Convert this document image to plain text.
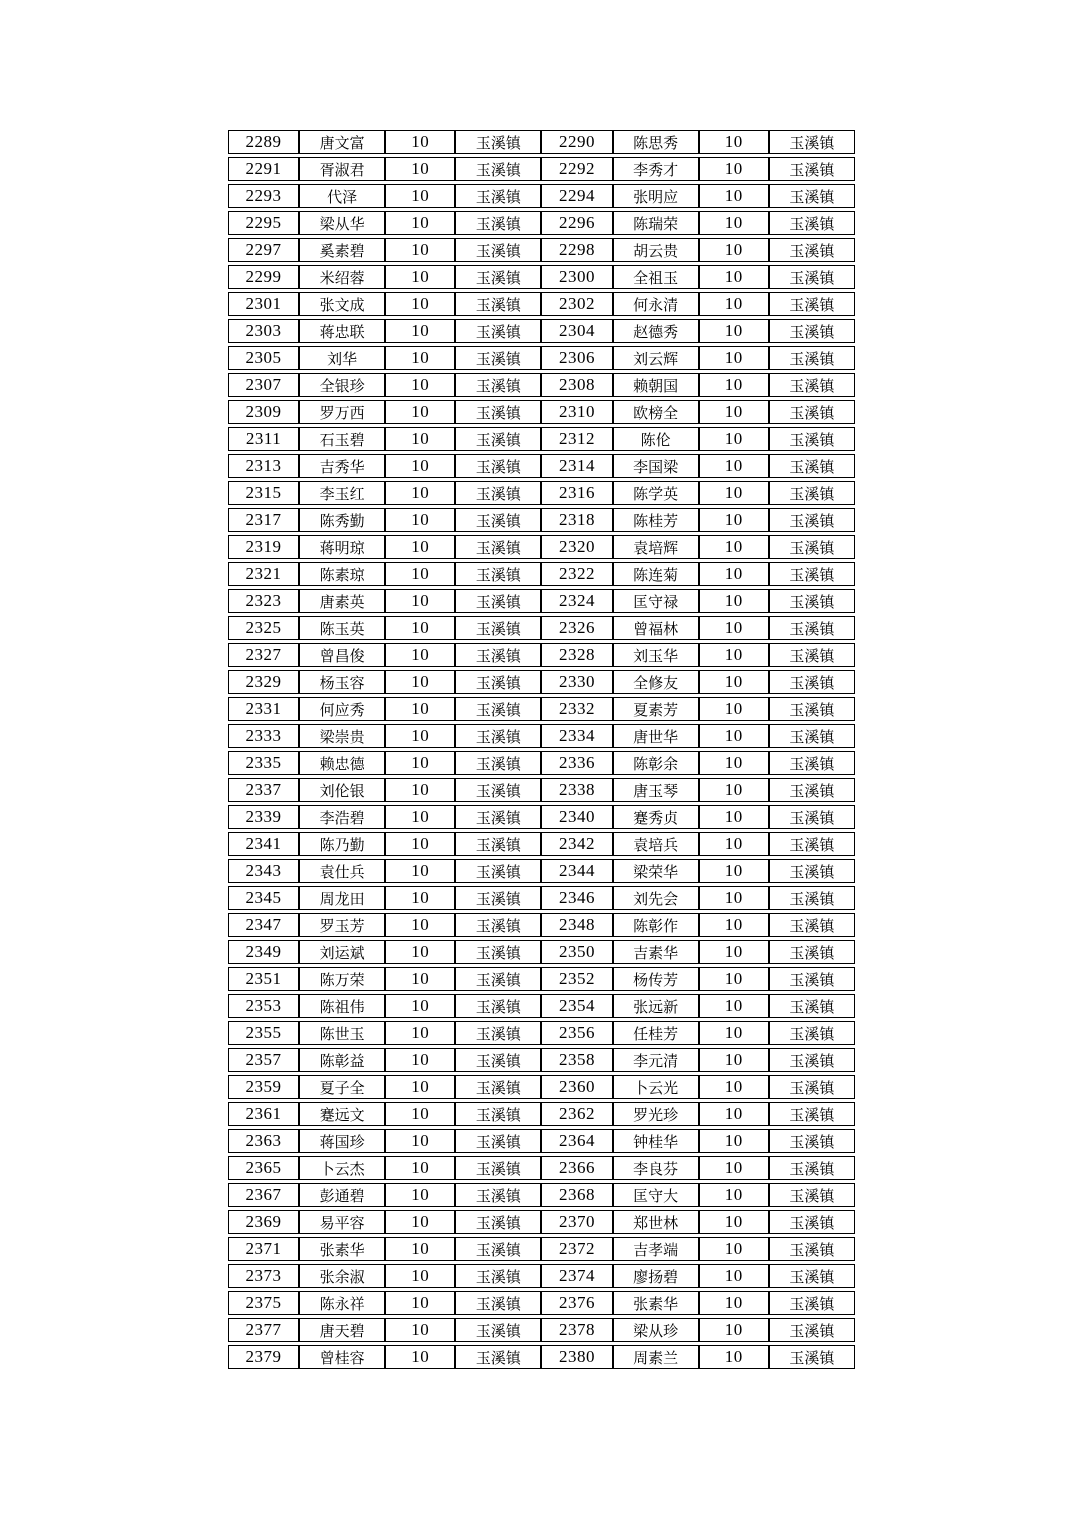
2289	唐文富	10	玉溪镇	2290	陈思秀	10	玉溪镇
2291	胥淑君	10	玉溪镇	2292	李秀才	10	玉溪镇
2293	代泽	10	玉溪镇	2294	张明应	10	玉溪镇
2295	梁从华	10	玉溪镇	2296	陈瑞荣	10	玉溪镇
2297	奚素碧	10	玉溪镇	2298	胡云贵	10	玉溪镇
2299	米绍蓉	10	玉溪镇	2300	全祖玉	10	玉溪镇
2301	张文成	10	玉溪镇	2302	何永清	10	玉溪镇
2303	蒋忠联	10	玉溪镇	2304	赵德秀	10	玉溪镇
2305	刘华	10	玉溪镇	2306	刘云辉	10	玉溪镇
2307	全银珍	10	玉溪镇	2308	赖朝国	10	玉溪镇
2309	罗万西	10	玉溪镇	2310	欧榜全	10	玉溪镇
2311	石玉碧	10	玉溪镇	2312	陈伦	10	玉溪镇
2313	吉秀华	10	玉溪镇	2314	李国梁	10	玉溪镇
2315	李玉红	10	玉溪镇	2316	陈学英	10	玉溪镇
2317	陈秀勤	10	玉溪镇	2318	陈桂芳	10	玉溪镇
2319	蒋明琼	10	玉溪镇	2320	袁培辉	10	玉溪镇
2321	陈素琼	10	玉溪镇	2322	陈连菊	10	玉溪镇
2323	唐素英	10	玉溪镇	2324	匡守禄	10	玉溪镇
2325	陈玉英	10	玉溪镇	2326	曾福林	10	玉溪镇
2327	曾昌俊	10	玉溪镇	2328	刘玉华	10	玉溪镇
2329	杨玉容	10	玉溪镇	2330	全修友	10	玉溪镇
2331	何应秀	10	玉溪镇	2332	夏素芳	10	玉溪镇
2333	梁崇贵	10	玉溪镇	2334	唐世华	10	玉溪镇
2335	赖忠德	10	玉溪镇	2336	陈彰余	10	玉溪镇
2337	刘伦银	10	玉溪镇	2338	唐玉琴	10	玉溪镇
2339	李浩碧	10	玉溪镇	2340	蹇秀贞	10	玉溪镇
2341	陈乃勤	10	玉溪镇	2342	袁培兵	10	玉溪镇
2343	袁仕兵	10	玉溪镇	2344	梁荣华	10	玉溪镇
2345	周龙田	10	玉溪镇	2346	刘先会	10	玉溪镇
2347	罗玉芳	10	玉溪镇	2348	陈彰作	10	玉溪镇
2349	刘运斌	10	玉溪镇	2350	吉素华	10	玉溪镇
2351	陈万荣	10	玉溪镇	2352	杨传芳	10	玉溪镇
2353	陈祖伟	10	玉溪镇	2354	张远新	10	玉溪镇
2355	陈世玉	10	玉溪镇	2356	任桂芳	10	玉溪镇
2357	陈彰益	10	玉溪镇	2358	李元清	10	玉溪镇
2359	夏子全	10	玉溪镇	2360	卜云光	10	玉溪镇
2361	蹇远文	10	玉溪镇	2362	罗光珍	10	玉溪镇
2363	蒋国珍	10	玉溪镇	2364	钟桂华	10	玉溪镇
2365	卜云杰	10	玉溪镇	2366	李良芬	10	玉溪镇
2367	彭通碧	10	玉溪镇	2368	匡守大	10	玉溪镇
2369	易平容	10	玉溪镇	2370	郑世林	10	玉溪镇
2371	张素华	10	玉溪镇	2372	吉孝端	10	玉溪镇
2373	张余淑	10	玉溪镇	2374	廖扬碧	10	玉溪镇
2375	陈永祥	10	玉溪镇	2376	张素华	10	玉溪镇
2377	唐天碧	10	玉溪镇	2378	梁从珍	10	玉溪镇
2379	曾桂容	10	玉溪镇	2380	周素兰	10	玉溪镇
